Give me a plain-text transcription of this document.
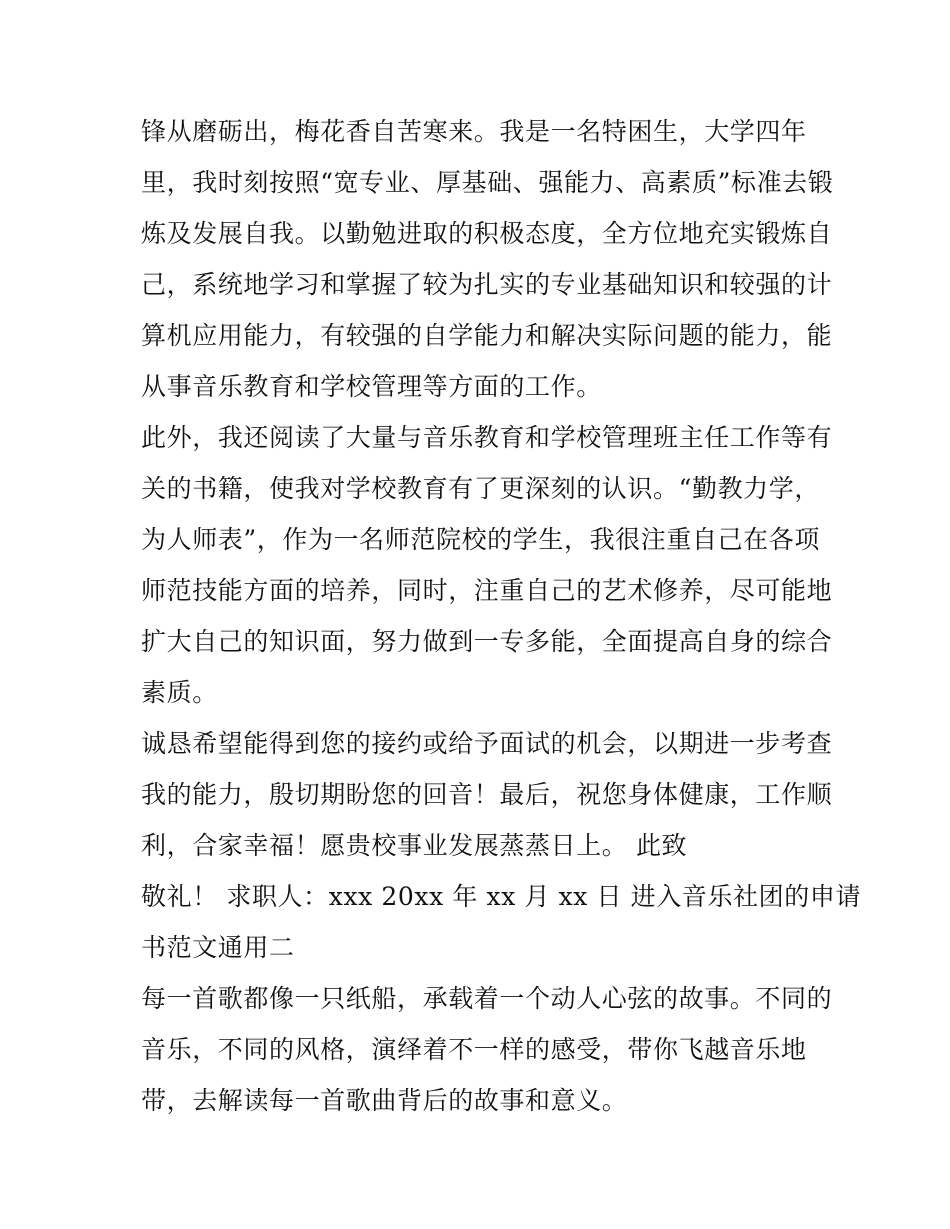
锋从磨砺出，梅花香自苦寒来。我是一名特困生，大学四年
里，我时刻按照“宽专业、厚基础、强能力、高素质”标准去锻
炼及发展自我。以勤勉进取的积极态度，全方位地充实锻炼自
己，系统地学习和掌握了较为扎实的专业基础知识和较强的计
算机应用能力，有较强的自学能力和解决实际问题的能力，能
从事音乐教育和学校管理等方面的工作。
此外，我还阅读了大量与音乐教育和学校管理班主任工作等有
关的书籍，使我对学校教育有了更深刻的认识。“勤教力学，
为人师表”，作为一名师范院校的学生，我很注重自己在各项
师范技能方面的培养，同时，注重自己的艺术修养，尽可能地
扩大自己的知识面，努力做到一专多能，全面提高自身的综合
素质。
诚恳希望能得到您的接约或给予面试的机会，以期进一步考查
我的能力，殷切期盼您的回音！最后，祝您身体健康，工作顺
利，合家幸福！愿贵校事业发展蒸蒸日上。 此致
敬礼！ 求职人：xxx 20xx 年 xx 月 xx 日 进入音乐社团的申请
书范文通用二
每一首歌都像一只纸船，承载着一个动人心弦的故事。不同的
音乐，不同的风格，演绎着不一样的感受，带你飞越音乐地
带，去解读每一首歌曲背后的故事和意义。
